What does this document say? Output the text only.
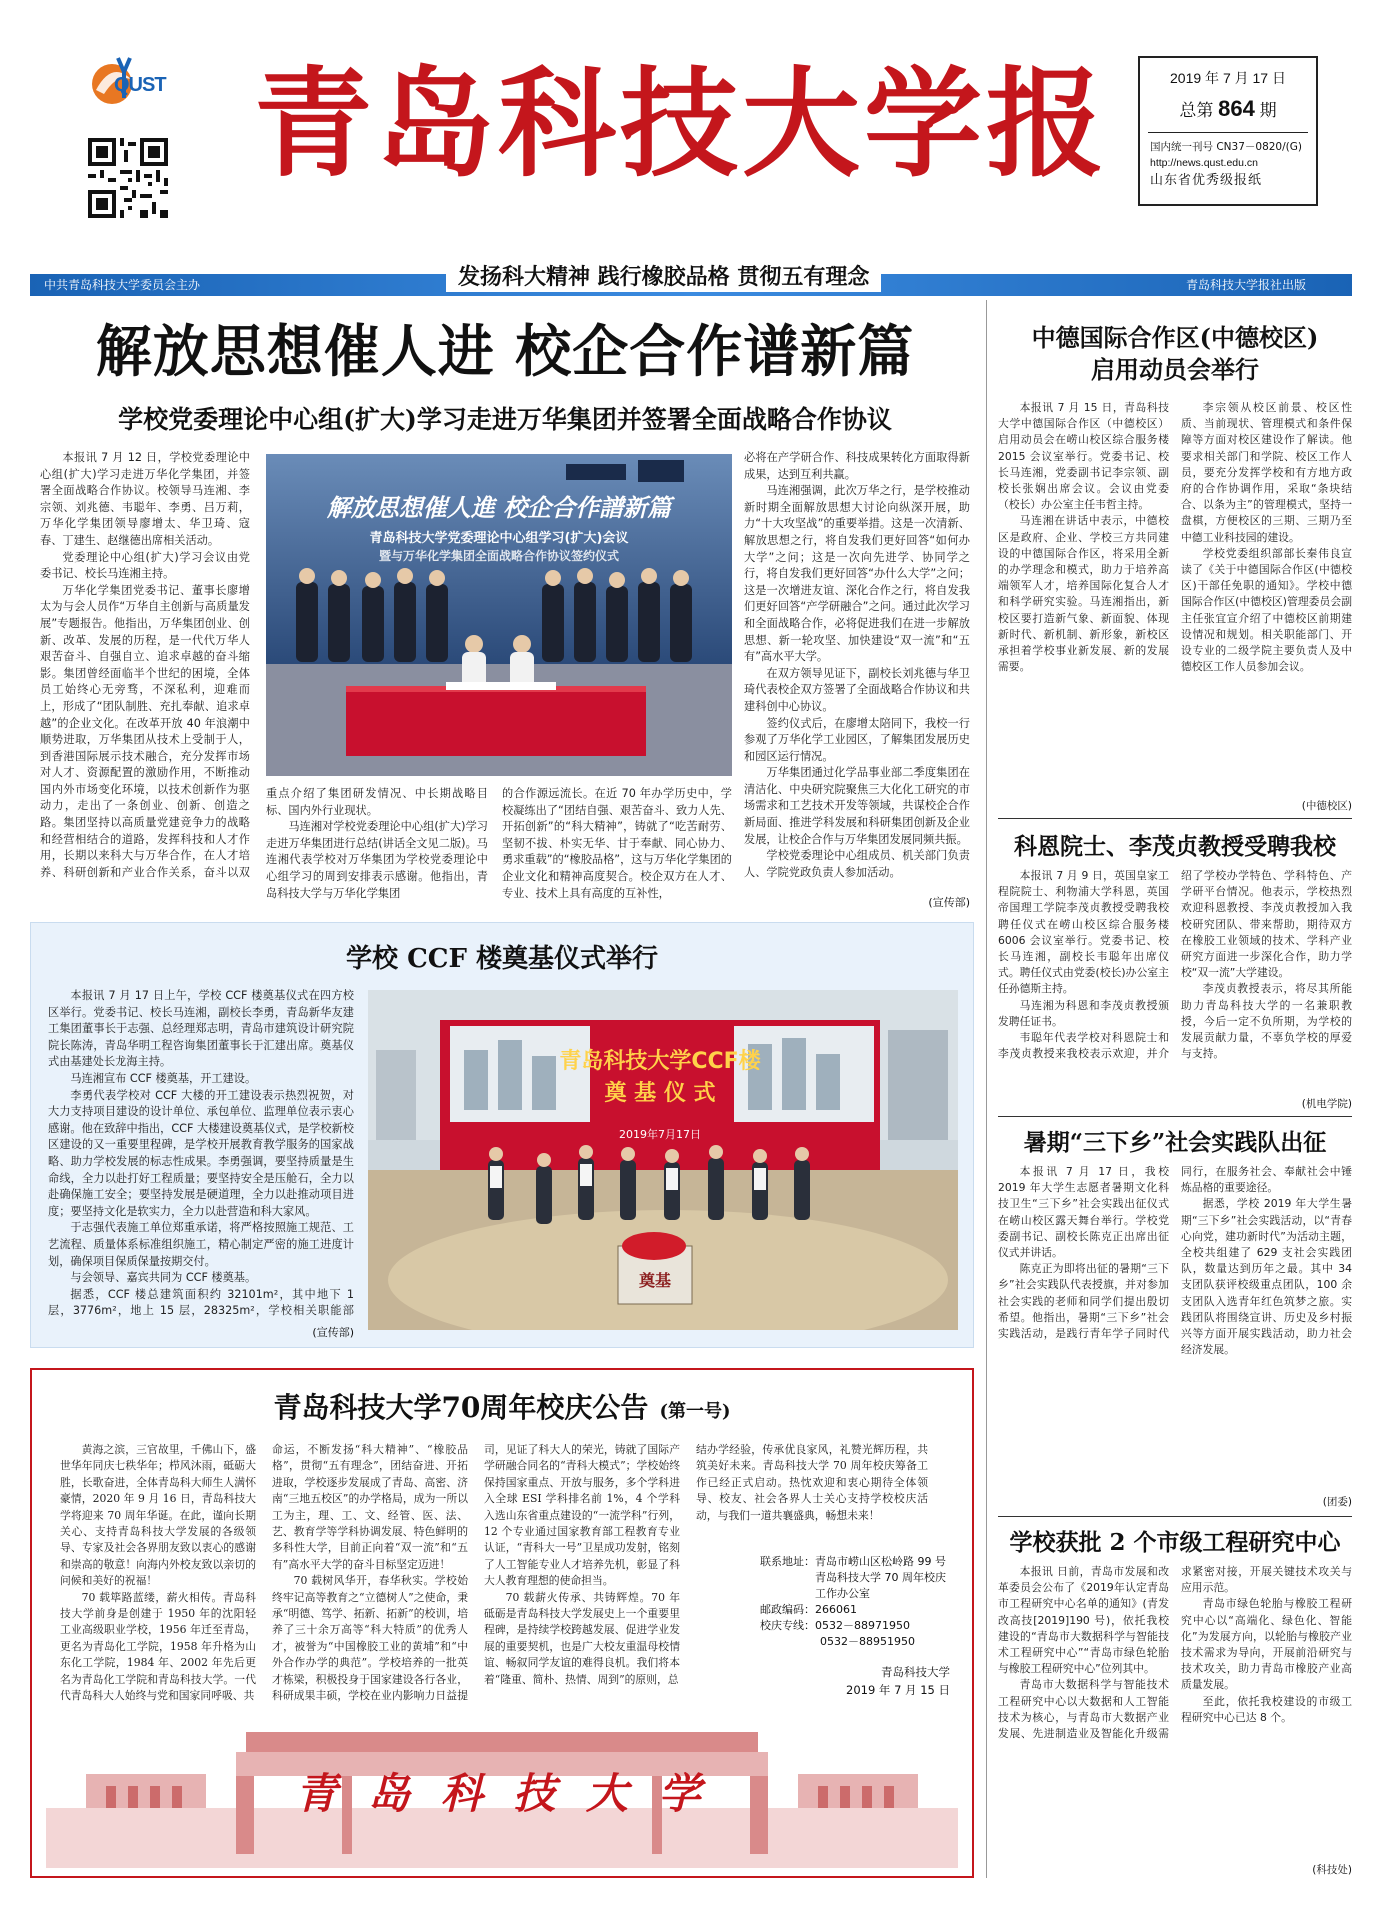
QUST 青岛科技大学报	2019 年 7 月 17 日
总第 864 期
国内统一刊号 CN37－0820/(G)
http://news.qust.edu.cn
山东省优秀级报纸
中共青岛科技大学委员会主办	发扬科大精神 践行橡胶品格 贯彻五有理念	青岛科技大学报社出版
解放思想催人进 校企合作谱新篇
学校党委理论中心组(扩大)学习走进万华集团并签署全面战略合作协议

本报讯 7 月 12 日，学校党委理论中心组(扩大)学习走进万华化学集团，并签署全面战略合作协议。校领导马连湘、李宗领、刘兆德、韦聪年、李勇、吕万莉，万华化学集团领导廖增太、华卫琦、寇春、丁建生、赵继德出席相关活动。

党委理论中心组(扩大)学习会议由党委书记、校长马连湘主持。

万华化学集团党委书记、董事长廖增太为与会人员作“万华自主创新与高质量发展”专题报告。他指出，万华集团创业、创新、改革、发展的历程，是一代代万华人艰苦奋斗、自强自立、追求卓越的奋斗缩影。集团曾经面临半个世纪的困境，全体员工始终心无旁骛，不深私利，迎难而上，形成了“团队制胜、充扎奉献、追求卓越”的企业文化。在改革开放 40 年浪潮中顺势进取，万华集团从技术上受制于人，到香港国际展示技术融合，充分发挥市场对人才、资源配置的激励作用，不断推动国内外市场变化环境，以技术创新作为驱动力，走出了一条创业、创新、创造之路。集团坚持以高质量党建竞争力的战略和经营相结合的道路，发挥科技和人才作用，长期以来科大与万华合作，在人才培养、科研创新和产业合作关系，奋斗以双

解放思想催人進 校企合作譜新篇
青岛科技大学党委理论中心组学习(扩大)会议
暨与万华化学集团全面战略合作协议签约仪式

重点介绍了集团研发情况、中长期战略目标、国内外行业现状。

马连湘对学校党委理论中心组(扩大)学习走进万华集团进行总结(讲话全文见二版)。马连湘代表学校对万华集团为学校党委理论中心组学习的周到安排表示感谢。他指出，青岛科技大学与万华化学集团

的合作源远流长。在近 70 年办学历史中，学校凝练出了“团结自强、艰苦奋斗、致力人先、开拓创新”的“科大精神”，铸就了“吃苦耐劳、坚韧不拔、朴实无华、甘于奉献、同心协力、勇求重载”的“橡胶品格”，这与万华化学集团的企业文化和精神高度契合。校企双方在人才、专业、技术上具有高度的互补性，

必将在产学研合作、科技成果转化方面取得新成果，达到互利共赢。

马连湘强调，此次万华之行，是学校推动新时期全面解放思想大讨论向纵深开展，助力“十大攻坚战”的重要举措。这是一次清新、解放思想之行，将自发我们更好回答“如何办大学”之问；这是一次向先进学、协同学之行，将自发我们更好回答“办什么大学”之问；这是一次增进友谊、深化合作之行，将自发我们更好回答“产学研融合”之问。通过此次学习和全面战略合作，必将促进我们在进一步解放思想、新一轮攻坚、加快建设“双一流”和“五有”高水平大学。

在双方领导见证下，副校长刘兆德与华卫琦代表校企双方签署了全面战略合作协议和共建科创中心协议。

签约仪式后，在廖增太陪同下，我校一行参观了万华化学工业园区，了解集团发展历史和园区运行情况。

万华集团通过化学品事业部二季度集团在清洁化、中央研究院聚焦三大化化工研究的市场需求和工艺技术开发等领域，共谋校企合作新局面、推进学科发展和科研集团创新及企业发展，让校企合作与万华集团发展同频共振。

学校党委理论中心组成员、机关部门负责人、学院党政负责人参加活动。

(宣传部)
学校 CCF 楼奠基仪式举行

本报讯 7 月 17 日上午，学校 CCF 楼奠基仪式在四方校区举行。党委书记、校长马连湘，副校长李勇，青岛新华友建工集团董事长于志强、总经理郑志明，青岛市建筑设计研究院院长陈涛，青岛华明工程咨询集团董事长于汇建出席。奠基仪式由基建处长龙海主持。

马连湘宣布 CCF 楼奠基，开工建设。

李勇代表学校对 CCF 大楼的开工建设表示热烈祝贺，对大力支持项目建设的设计单位、承包单位、监理单位表示衷心感谢。他在致辞中指出，CCF 大楼建设奠基仪式，是学校新校区建设的又一重要里程碑，是学校开展教育教学服务的国家战略、助力学校发展的标志性成果。李勇强调，要坚持质量是生命线，全力以赴打好工程质量；要坚持安全是压舱石，全力以赴确保施工安全；要坚持发展是硬道理，全力以赴推动项目进度；要坚持文化是软实力，全力以赴营造和科大家风。

于志强代表施工单位郑重承诺，将严格按照施工规范、工艺流程、质量体系标准组织施工，精心制定严密的施工进度计划，确保项目保质保量按期交付。

与会领导、嘉宾共同为 CCF 楼奠基。

据悉，CCF 楼总建筑面积约 32101m²，其中地下 1 层，3776m²，地上 15 层，28325m²，学校相关职能部

(宣传部)
青岛科技大学CCF楼
奠 基 仪 式
2019年7月17日
奠基
青岛科技大学70周年校庆公告 (第一号)

黄海之滨，三官故里，千佛山下，盛世华年同庆七秩华年；栉风沐雨，砥砺大胜，长歌奋进，全体青岛科大师生人满怀豪情，2020 年 9 月 16 日，青岛科技大学将迎来 70 周年华诞。在此，谨向长期关心、支持青岛科技大学发展的各级领导、专家及社会各界朋友致以衷心的感谢和崇高的敬意！向海内外校友致以亲切的问候和美好的祝福！

70 载筚路蓝缕，薪火相传。青岛科技大学前身是创建于 1950 年的沈阳轻工业高级职业学校，1956 年迁至青岛，更名为青岛化工学院，1958 年升格为山东化工学院，1984 年、2002 年先后更名为青岛化工学院和青岛科技大学。一代代青岛科大人始终与党和国家同呼吸、共

命运，不断发扬“科大精神”、“橡胶品格”，贯彻“五有理念”，团结奋进、开拓进取，学校逐步发展成了青岛、高密、济南“三地五校区”的办学格局，成为一所以工为主，理、工、文、经管、医、法、艺、教育学等学科协调发展、特色鲜明的多科性大学，目前正向着“双一流”和“五有”高水平大学的奋斗目标坚定迈进！

70 载树风华开，春华秋实。学校始终牢记高等教育之“立德树人”之使命，秉承“明德、笃学、拓新、拓新”的校训，培养了三十余万高等“科大特质”的优秀人才，被誉为“中国橡胶工业的黄埔”和“中外合作办学的典范”。学校培养的一批英才栋梁，积极投身于国家建设各行各业，科研成果丰硕，学校在业内影响力日益提

司，见证了科大人的荣光，铸就了国际产学研融合同名的“青科大模式”；学校始终保持国家重点、开放与服务，多个学科进入全球 ESI 学科排名前 1%，4 个学科入选山东省重点建设的“一流学科”行列，12 个专业通过国家教育部工程教育专业认证，“青科大一号”卫星成功发射，铭刻了人工智能专业人才培养先机，彰显了科大人教育理想的使命担当。

70 载薪火传承、共铸辉煌。70 年砥砺是青岛科技大学发展史上一个重要里程碑，是持续学校跨越发展、促进学业发展的重要契机，也是广大校友重温母校情谊、畅叙同学友谊的难得良机。我们将本着“隆重、简朴、热情、周到”的原则，总

结办学经验，传承优良家风，礼赞光辉历程，共筑美好未来。青岛科技大学 70 周年校庆筹备工作已经正式启动。热忱欢迎和衷心期待全体领导、校友、社会各界人士关心支持学校校庆活动，与我们一道共襄盛典，畅想未来！

联系地址： 青岛市崂山区松岭路 99 号青岛科技大学 70 周年校庆工作办公室
邮政编码： 266061
校庆专线： 0532－88971950
0532－88951950
青岛科技大学
2019 年 7 月 15 日
青 岛 科 技 大 学
中德国际合作区(中德校区)
启用动员会举行

本报讯 7 月 15 日，青岛科技大学中德国际合作区（中德校区）启用动员会在崂山校区综合服务楼 2015 会议室举行。党委书记、校长马连湘，党委副书记李宗领、副校长张娴出席会议。会议由党委（校长）办公室主任韦哲主持。

马连湘在讲话中表示，中德校区是政府、企业、学校三方共同建设的中德国际合作区，将采用全新的办学理念和模式，助力于培养高端领军人才，培养国际化复合人才和科学研究实验。马连湘指出，新校区要打造新气象、新面貌、体现新时代、新机制、新形象，新校区承担着学校事业新发展、新的发展需要。

李宗领从校区前景、校区性质、当前现状、管理模式和条件保障等方面对校区建设作了解读。他要求相关部门和学院、校区工作人员，要充分发挥学校和有方地方政府的合作协调作用，采取“条块结合、以条为主”的管理模式，坚持一盘棋，方便校区的三期、三期乃至中德工业科技园的建设。

学校党委组织部部长秦伟良宣读了《关于中德国际合作区(中德校区)干部任免职的通知》。学校中德国际合作区(中德校区)管理委员会副主任张宜宣介绍了中德校区前期建设情况和规划。相关职能部门、开设专业的二级学院主要负责人及中德校区工作人员参加会议。

(中德校区)
科恩院士、李茂贞教授受聘我校

本报讯 7 月 9 日，英国皇家工程院院士、利物浦大学科恩，英国帝国理工学院李茂贞教授受聘我校聘任仪式在崂山校区综合服务楼 6006 会议室举行。党委书记、校长马连湘，副校长韦聪年出席仪式。聘任仪式由党委(校长)办公室主任孙德斯主持。

马连湘为科恩和李茂贞教授颁发聘任证书。

韦聪年代表学校对科恩院士和李茂贞教授来我校表示欢迎，并介绍了学校办学特色、学科特色、产学研平台情况。他表示，学校热烈欢迎科恩教授、李茂贞教授加入我校研究团队、带来帮助，期待双方在橡胶工业领域的技术、学科产业研究方面进一步深化合作，助力学校“双一流”大学建设。

李茂贞教授表示，将尽其所能助力青岛科技大学的一名兼职教授，今后一定不负所期，为学校的发展贡献力量，不辜负学校的厚爱与支持。

(机电学院)
暑期“三下乡”社会实践队出征

本报讯 7 月 17 日，我校 2019 年大学生志愿者暑期文化科技卫生“三下乡”社会实践出征仪式在崂山校区露天舞台举行。学校党委副书记、副校长陈克正出席出征仪式并讲话。

陈克正为即将出征的暑期“三下乡”社会实践队代表授旗，并对参加社会实践的老师和同学们提出殷切希望。他指出，暑期“三下乡”社会实践活动，是践行青年学子同时代同行，在服务社会、奉献社会中锤炼品格的重要途径。

据悉，学校 2019 年大学生暑期“三下乡”社会实践活动，以“青春心向党，建功新时代”为活动主题，全校共组建了 629 支社会实践团队，数量达到历年之最。其中 34 支团队获评校级重点团队，100 余支团队入选青年红色筑梦之旅。实践团队将围绕宣讲、历史及乡村振兴等方面开展实践活动，助力社会经济发展。

(团委)
学校获批 2 个市级工程研究中心

本报讯 日前，青岛市发展和改革委员会公布了《2019年认定青岛市工程研究中心名单的通知》(青发改高技[2019]190 号)，依托我校建设的“青岛市大数据科学与智能技术工程研究中心”“青岛市绿色轮胎与橡胶工程研究中心”位列其中。

青岛市大数据科学与智能技术工程研究中心以大数据和人工智能技术为核心，与青岛市大数据产业发展、先进制造业及智能化升级需求紧密对接，开展关键技术攻关与应用示范。

青岛市绿色轮胎与橡胶工程研究中心以“高端化、绿色化、智能化”为发展方向，以轮胎与橡胶产业技术需求为导向，开展前沿研究与技术攻关，助力青岛市橡胶产业高质量发展。

至此，依托我校建设的市级工程研究中心已达 8 个。

(科技处)
